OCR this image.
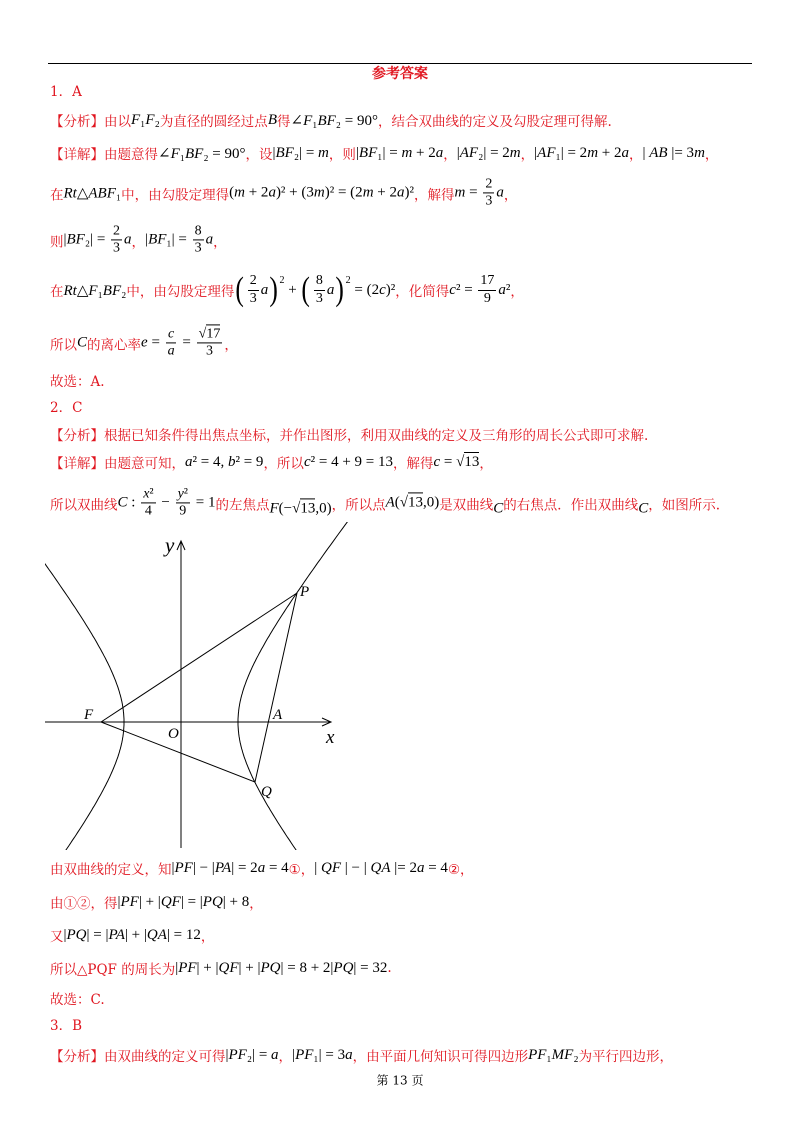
参考答案
1．A
【分析】由以 F₁F₂ 为直径的圆经过点 B 得 ∠F₁BF₂ = 90° ，结合双曲线的定义及勾股定理可得解.
【详解】由题意得 ∠F₁BF₂ = 90° ，设 |BF₂| = m ，则 |BF₁| = m + 2a ， |AF₂| = 2m ， |AF₁| = 2m + 2a ， | AB |= 3m ，
在 Rt△ABF₁ 中，由勾股定理得 (m + 2a)² + (3m)² = (2m + 2a)² ，解得 $m = \frac{2}{3}$ a ，
则 $|BF_2| = \frac{2}{3}$ a ， $|BF_1| = \frac{8}{3}$ a ，
在 Rt△F₁BF₂ 中，由勾股定理得 ( $\frac{2}{3}$ a ) 2
+ ( $\frac{8}{3}$ a ) 2
= (2c)² ，化简得 $c^2 = \frac{17}{9} a^2$ ，
所以 C 的离心率 $e = \frac{c}{a} = \frac{√17}{3}$ ，
故选：A.
2．C
【分析】根据已知条件得出焦点坐标，并作出图形，利用双曲线的定义及三角形的周长公式即可求解.
【详解】由题意可知， a² = 4, b² = 9 ，所以 c² = 4 + 9 = 13 ，解得 c = √13 ，
所以双曲线 C : $\frac{\text{x²}}{4} - \frac{\text{y²}}{9} = 1$ 的左焦点 F(−√13,0) ，所以点 A(√13,0) 是双曲线 C 的右焦点．作出双曲线 C ，如图所示.
由双曲线的定义，知 |PF| − |PA| = 2a = 4 ①， | QF | − | QA |= 2a = 4 ②，
由①②，得 |PF| + |QF| = |PQ| + 8 ，
又 |PQ| = |PA| + |QA| = 12 ，
所以△PQF 的周长为 |PF| + |QF| + |PQ| = 8 + 2|PQ| = 32 .
故选：C.
3．B
【分析】由双曲线的定义可得 |PF₂| = a ， |PF₁| = 3a ，由平面几何知识可得四边形 PF₁MF₂ 为平行四边形，
y
x
F
O
A
P
Q
第 13 页
